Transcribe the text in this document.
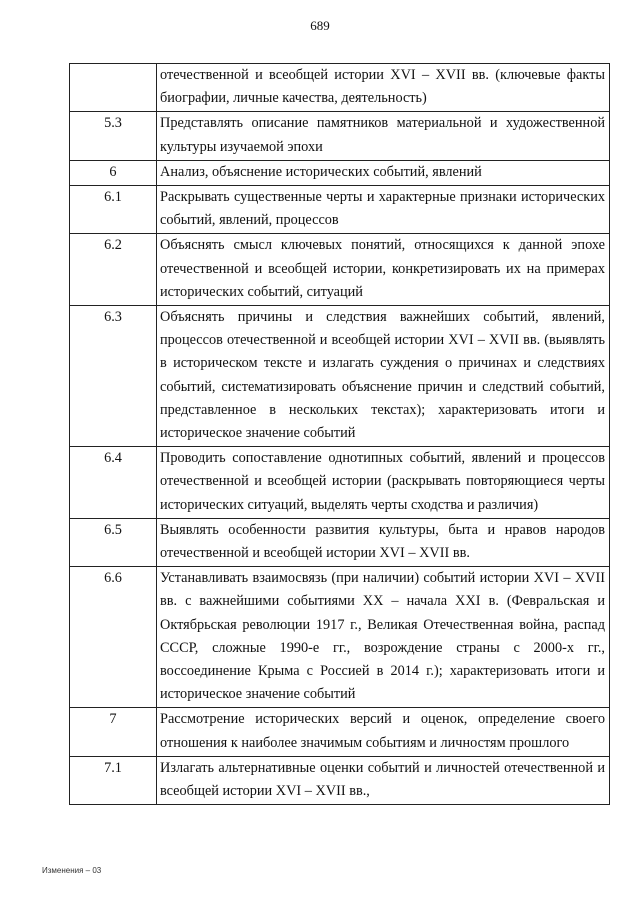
689
	отечественной и всеобщей истории XVI – XVII вв. (ключевые факты биографии, личные качества, деятельность)
5.3	Представлять описание памятников материальной и художественной культуры изучаемой эпохи
6	Анализ, объяснение исторических событий, явлений
6.1	Раскрывать существенные черты и характерные признаки исторических событий, явлений, процессов
6.2	Объяснять смысл ключевых понятий, относящихся к данной эпохе отечественной и всеобщей истории, конкретизировать их на примерах исторических событий, ситуаций
6.3	Объяснять причины и следствия важнейших событий, явлений, процессов отечественной и всеобщей истории XVI – XVII вв. (выявлять в историческом тексте и излагать суждения о причинах и следствиях событий, систематизировать объяснение причин и следствий событий, представленное в нескольких текстах); характеризовать итоги и историческое значение событий
6.4	Проводить сопоставление однотипных событий, явлений и процессов отечественной и всеобщей истории (раскрывать повторяющиеся черты исторических ситуаций, выделять черты сходства и различия)
6.5	Выявлять особенности развития культуры, быта и нравов народов отечественной и всеобщей истории XVI – XVII вв.
6.6	Устанавливать взаимосвязь (при наличии) событий истории XVI – XVII вв. с важнейшими событиями XX – начала XXI в. (Февральская и Октябрьская революции 1917 г., Великая Отечественная война, распад СССР, сложные 1990-е гг., возрождение страны с 2000-х гг., воссоединение Крыма с Россией в 2014 г.); характеризовать итоги и историческое значение событий
7	Рассмотрение исторических версий и оценок, определение своего отношения к наиболее значимым событиям и личностям прошлого
7.1	Излагать альтернативные оценки событий и личностей отечественной и всеобщей истории XVI – XVII вв.,
Изменения – 03
